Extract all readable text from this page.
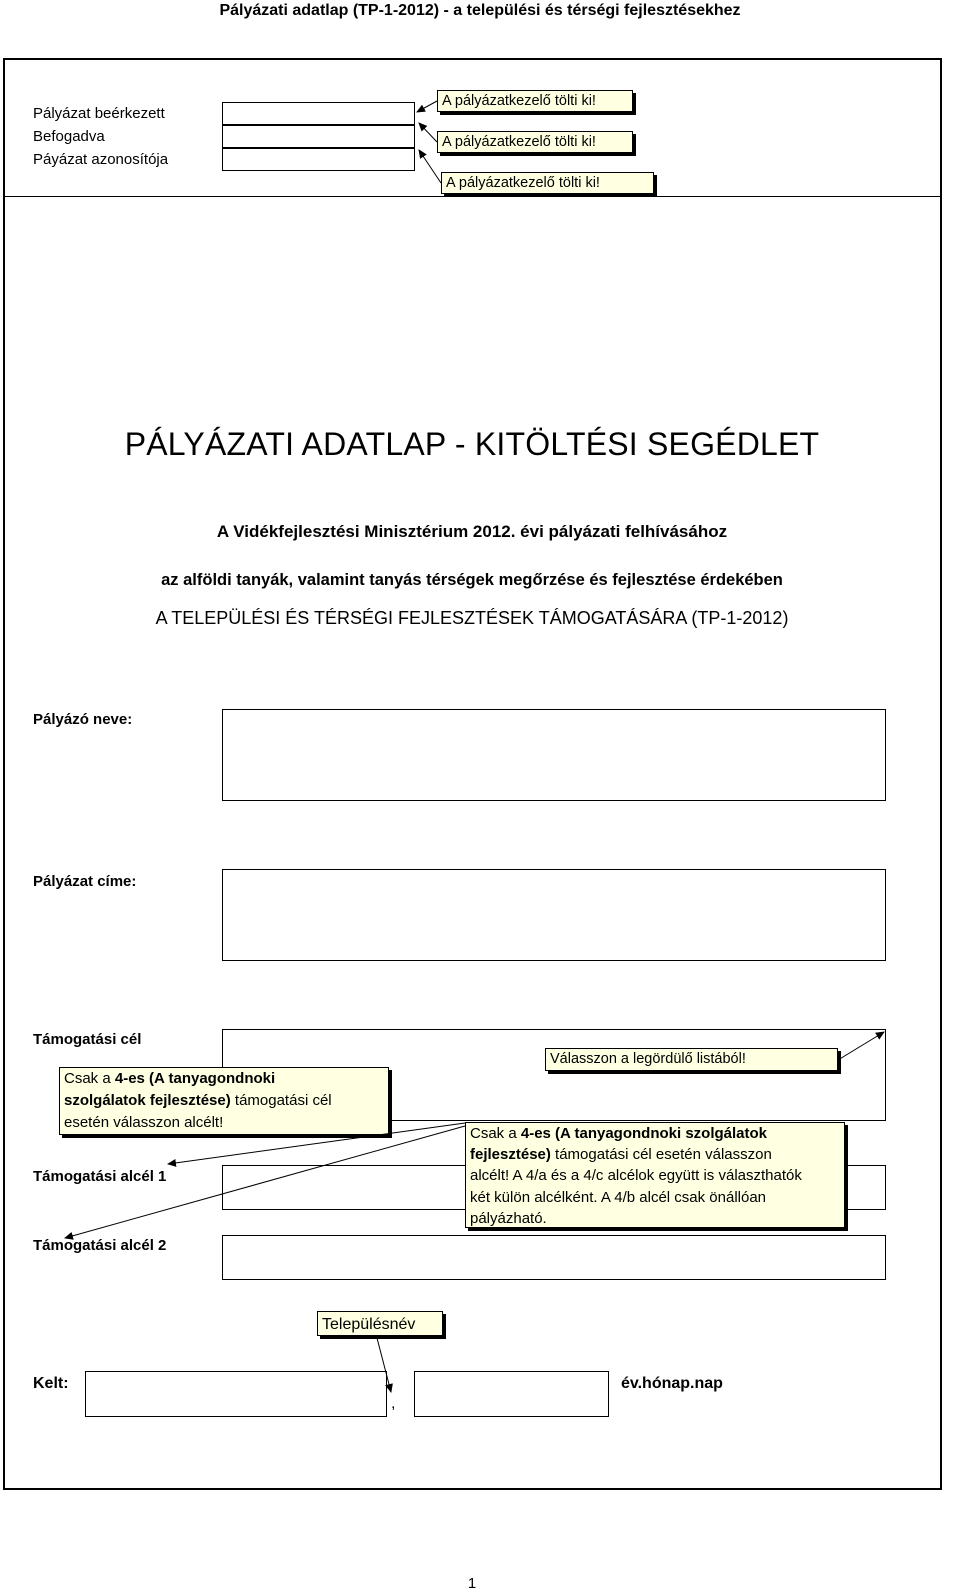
Pályázati adatlap (TP-1-2012) - a települési és térségi fejlesztésekhez
Pályázat beérkezett
Befogadva
Páyázat azonosítója
A pályázatkezelő tölti ki!
A pályázatkezelő tölti ki!
A pályázatkezelő tölti ki!
PÁLYÁZATI ADATLAP - KITÖLTÉSI SEGÉDLET
A Vidékfejlesztési Minisztérium 2012. évi pályázati felhívásához
az alföldi tanyák, valamint tanyás térségek megőrzése és fejlesztése érdekében
A TELEPÜLÉSI ÉS TÉRSÉGI FEJLESZTÉSEK TÁMOGATÁSÁRA (TP-1-2012)
Pályázó neve:
Pályázat címe:
Támogatási cél
Támogatási alcél 1
Támogatási alcél 2
Válasszon a legördülő listából!
Csak a 4-es (A tanyagondnoki
szolgálatok fejlesztése) támogatási cél
esetén válasszon alcélt!
Csak a 4-es (A tanyagondnoki szolgálatok
fejlesztése) támogatási cél esetén válasszon
alcélt! A 4/a és a 4/c alcélok együtt is választhatók
két külön alcélként. A 4/b alcél csak önállóan
pályázható.
Településnév
Kelt:
,
év.hónap.nap
1
